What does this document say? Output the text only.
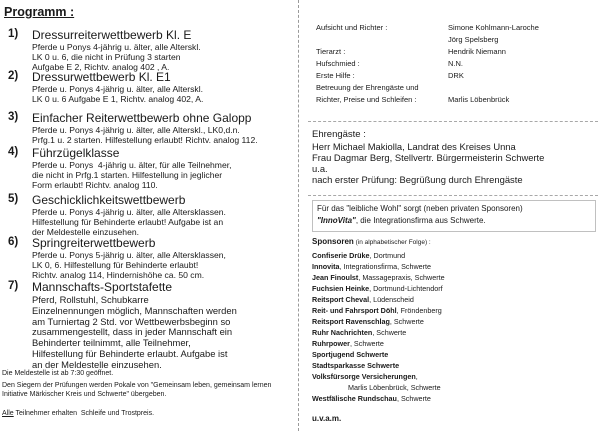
Programm :
1) Dressurreiterwettbewerb Kl. E
Pferde u Ponys 4-jährig u. älter, alle Alterskl.
LK 0 u. 6, die nicht in Prüfung 3 starten
Aufgabe E 2, Richtv. analog 402 , A.
2) Dressurwettbewerb Kl. E1
Pferde u. Ponys 4-jährig u. älter, alle Alterskl.
LK 0 u. 6 Aufgabe E 1, Richtv. analog 402, A.
3) Einfacher Reiterwettbewerb ohne Galopp
Pferde u. Ponys 4-jährig u. älter, alle Alterskl., LK0,d.n.
Prfg.1 u. 2 starten. Hilfestellung erlaubt! Richtv. analog 112.
4) Führzügelklasse
Pferde u. Ponys  4-jährig u. älter, für alle Teilnehmer,
die nicht in Prfg.1 starten. Hilfestellung in jeglicher
Form erlaubt! Richtv. analog 110.
5) Geschicklichkeitswettbewerb
Pferde u. Ponys 4-jährig u. älter, alle Altersklassen.
Hilfestellung für Behinderte erlaubt! Aufgabe ist an
der Meldestelle einzusehen.
6) Springreiterwettbewerb
Pferde u. Ponys 5-jährig u. älter, alle Altersklassen,
LK 0, 6. Hilfestellung für Behinderte erlaubt!
Richtv. analog 114, Hindernishöhe ca. 50 cm.
7) Mannschafts-Sportstafette
Pferd, Rollstuhl, Schubkarre
Einzelnennungen möglich, Mannschaften werden
am Turniertag 2 Std. vor Wettbewerbsbeginn so
zusammengestellt, dass in jeder Mannschaft ein
Behinderter teilnimmt, alle Teilnehmer,
Hilfestellung für Behinderte erlaubt. Aufgabe ist
an der Meldestelle einzusehen.
Die Meldestelle ist ab 7:30 geöffnet.
Den Siegern der Prüfungen werden Pokale von "Gemeinsam leben, gemeinsam lernen
Initiative Märkischer Kreis und Schwerte" übergeben.
Alle Teilnehmer erhalten  Schleife und Trostpreis.
Aufsicht und Richter :	Simone Kohlmann-Laroche
Jörg Spelsberg
Tierarzt :	Hendrik Niemann
Hufschmied :	N.N.
Erste Hilfe :	DRK
Betreuung der Ehrengäste und
Richter, Preise und Schleifen :	Marlis Löbenbrück
Ehrengäste :
Herr Michael Makiolla, Landrat des Kreises Unna
Frau Dagmar Berg, Stellvertr. Bürgermeisterin Schwerte
u.a.
nach erster Prüfung: Begrüßung durch Ehrengäste
Für das "leibliche Wohl" sorgt (neben privaten Sponsoren)
"InnoVita", die Integrationsfirma aus Schwerte.
Sponsoren (in alphabetischer Folge) :
Confiserie Drüke, Dortmund
Innovita, Integrationsfirma, Schwerte
Jean Finoulst, Massagepraxis, Schwerte
Fuchsien Heinke, Dortmund-Lichtendorf
Reitsport Cheval, Lüdenscheid
Reit- und Fahrsport Döhl, Fröndenberg
Reitsport Ravenschlag, Schwerte
Ruhr Nachrichten, Schwerte
Ruhrpower, Schwerte
Sportjugend Schwerte
Stadtsparkasse Schwerte
Volksfürsorge Versicherungen,
Marlis Löbenbrück, Schwerte
Westfälische Rundschau, Schwerte
u.v.a.m.
